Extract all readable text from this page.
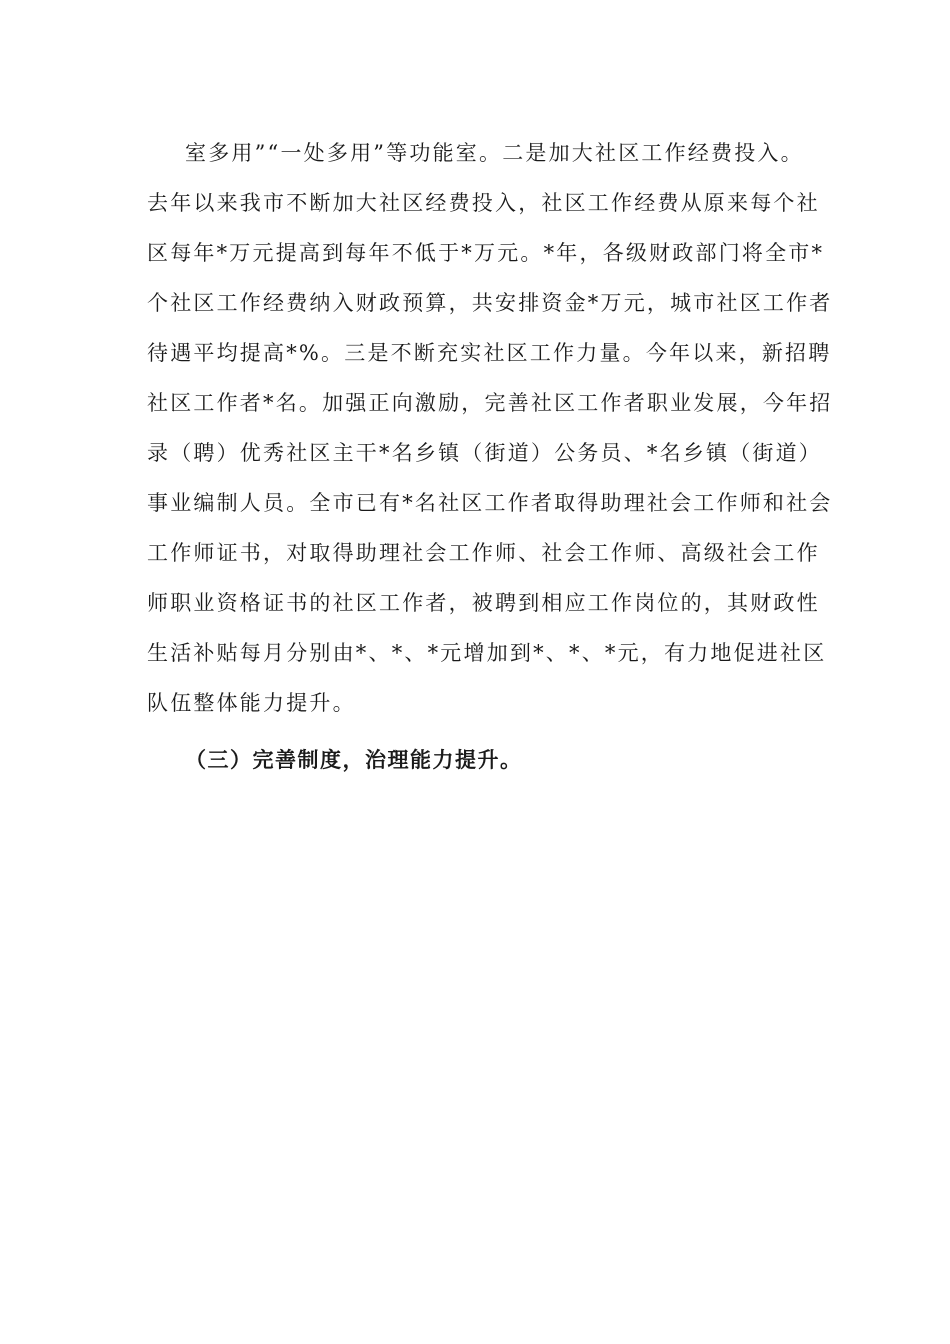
室多用”“一处多用”等功能室。二是加大社区工作经费投入。
去年以来我市不断加大社区经费投入，社区工作经费从原来每个社
区每年*万元提高到每年不低于*万元。*年，各级财政部门将全市*
个社区工作经费纳入财政预算，共安排资金*万元，城市社区工作者
待遇平均提高*%。三是不断充实社区工作力量。今年以来，新招聘
社区工作者*名。加强正向激励，完善社区工作者职业发展，今年招
录（聘）优秀社区主干*名乡镇（街道）公务员、*名乡镇（街道）
事业编制人员。全市已有*名社区工作者取得助理社会工作师和社会
工作师证书，对取得助理社会工作师、社会工作师、高级社会工作
师职业资格证书的社区工作者，被聘到相应工作岗位的，其财政性
生活补贴每月分别由*、*、*元增加到*、*、*元，有力地促进社区
队伍整体能力提升。
（三）完善制度，治理能力提升。
